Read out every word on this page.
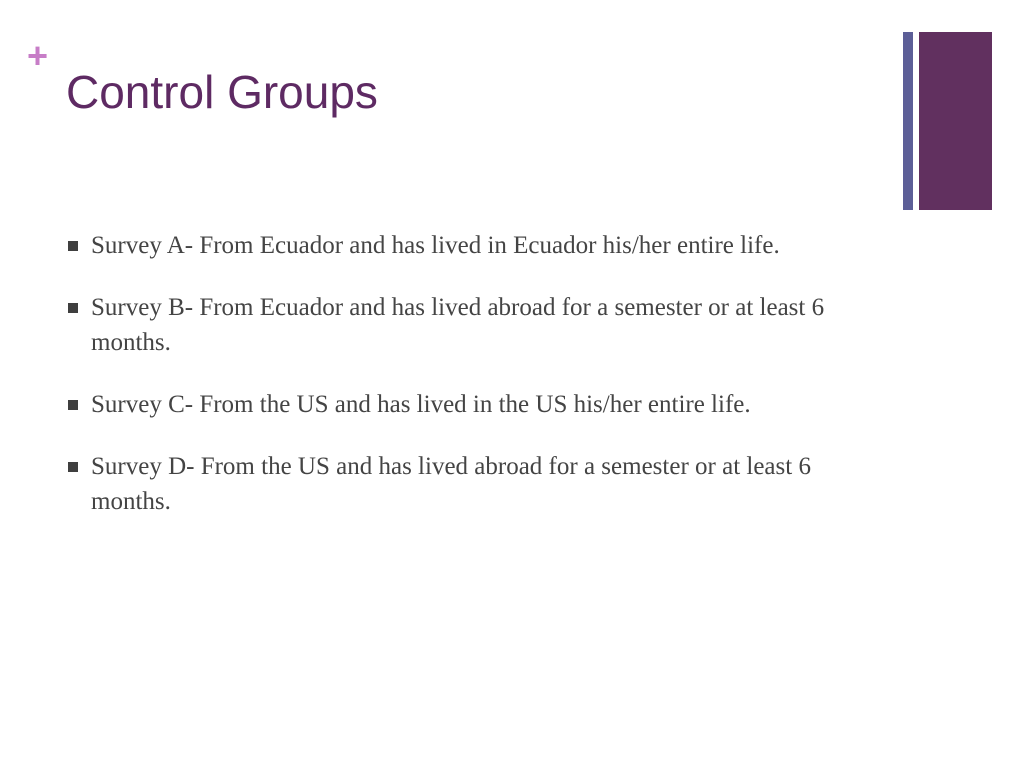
+
Control Groups
Survey A- From Ecuador and has lived in Ecuador his/her entire life.
Survey B- From Ecuador and has lived abroad for a semester or at least 6 months.
Survey C- From the US and has lived in the US his/her entire life.
Survey D- From the US and has lived abroad for a semester or at least 6 months.
